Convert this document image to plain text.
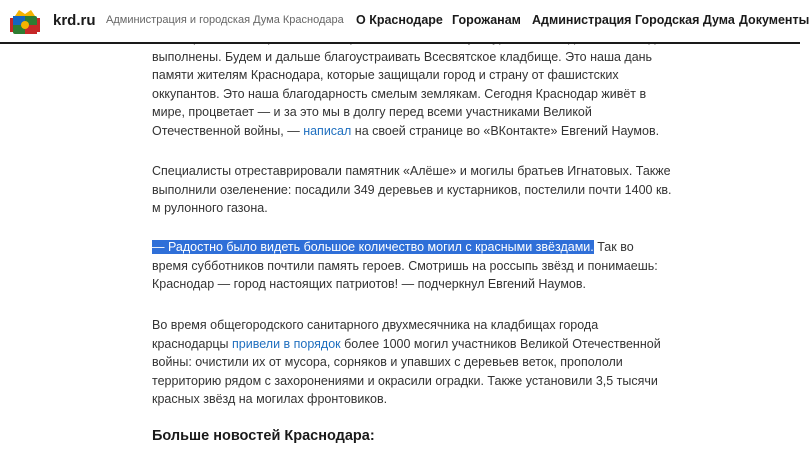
krd.ru Администрация и городская Дума Краснодара О Краснодаре Горожанам Администрация Городская Дума Документы

выполнены. Будем и дальше благоустраивать Всесвятское кладбище. Это наша дань памяти жителям Краснодара, которые защищали город и страну от фашистских оккупантов. Это наша благодарность смелым землякам. Сегодня Краснодар живёт в мире, процветает — и за это мы в долгу перед всеми участниками Великой Отечественной войны, — написал на своей странице во «ВКонтакте» Евгений Наумов.

Специалисты отреставрировали памятник «Алёше» и могилы братьев Игнатовых. Также выполнили озеленение: посадили 349 деревьев и кустарников, постелили почти 1400 кв. м рулонного газона.

— Радостно было видеть большое количество могил с красными звёздами. Так во время субботников почтили память героев. Смотришь на россыпь звёзд и понимаешь: Краснодар — город настоящих патриотов! — подчеркнул Евгений Наумов.

Во время общегородского санитарного двухмесячника на кладбищах города краснодарцы привели в порядок более 1000 могил участников Великой Отечественной войны: очистили их от мусора, сорняков и упавших с деревьев веток, пропололи территорию рядом с захоронениями и окрасили оградки. Также установили 3,5 тысячи красных звёзд на могилах фронтовиков.

Больше новостей Краснодара:
